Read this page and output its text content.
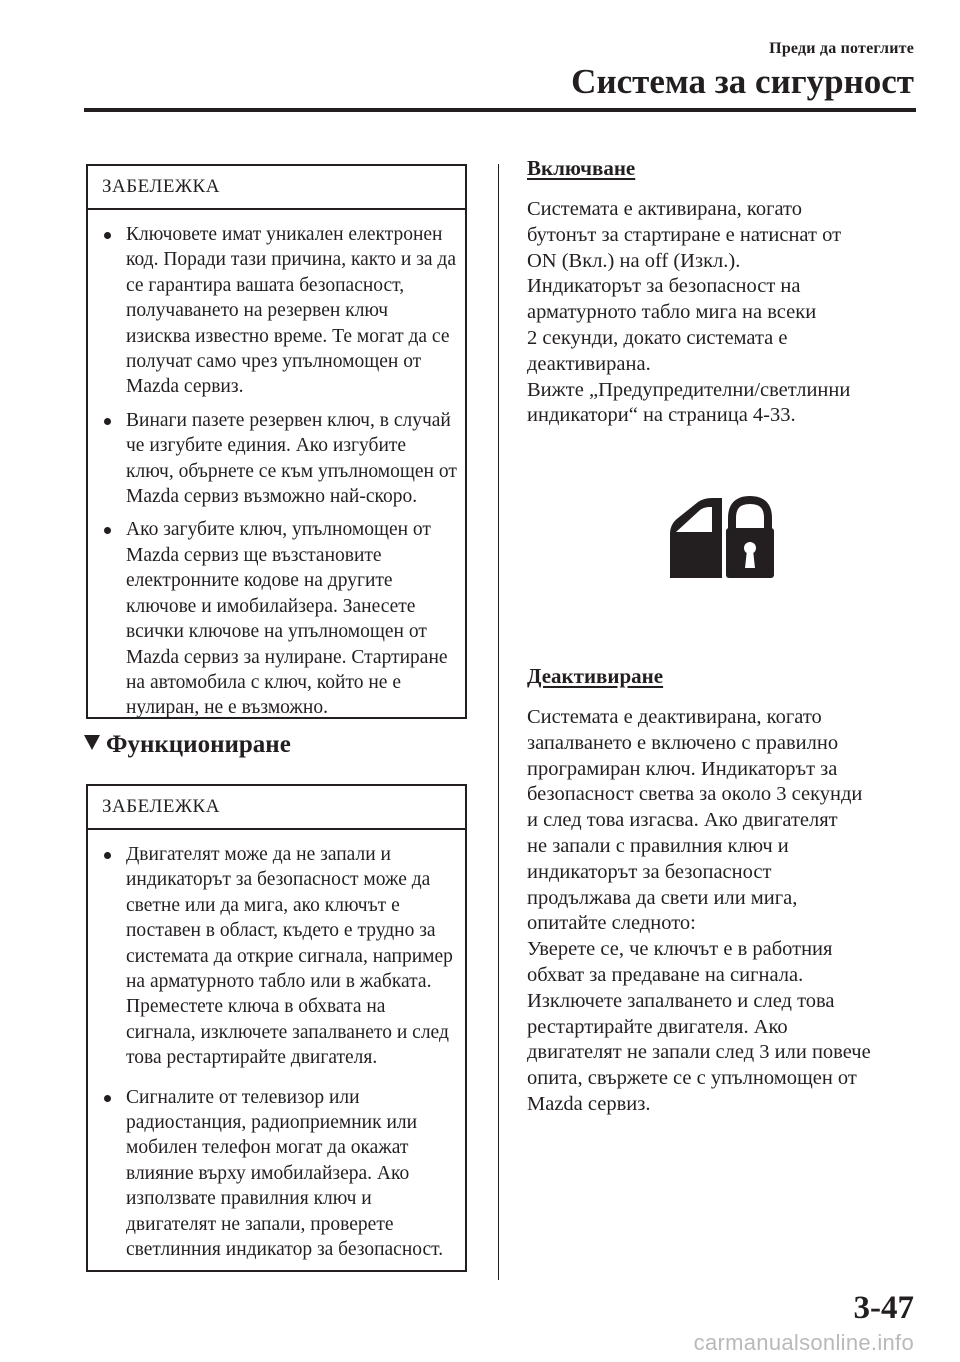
Преди да потеглите
Система за сигурност
ЗАБЕЛЕЖКА
Ключовете имат уникален електронен код. Поради тази причина, както и за да се гарантира вашата безопасност, получаването на резервен ключ изисква известно време. Те могат да се получат само чрез упълномощен от Mazda сервиз.
Винаги пазете резервен ключ, в случай че изгубите единия. Ако изгубите ключ, обърнете се към упълномощен от Mazda сервиз възможно най-скоро.
Ако загубите ключ, упълномощен от Mazda сервиз ще възстановите електронните кодове на другите ключове и имобилайзера. Занесете всички ключове на упълномощен от Mazda сервиз за нулиране. Стартиране на автомобила с ключ, който не е нулиран, не е възможно.
Функциониране
ЗАБЕЛЕЖКА
Двигателят може да не запали и индикаторът за безопасност може да светне или да мига, ако ключът е поставен в област, където е трудно за системата да открие сигнала, например на арматурното табло или в жабката. Преместете ключа в обхвата на сигнала, изключете запалването и след това рестартирайте двигателя.
Сигналите от телевизор или радиостанция, радиоприемник или мобилен телефон могат да окажат влияние върху имобилайзера. Ако използвате правилния ключ и двигателят не запали, проверете светлинния индикатор за безопасност.
Включване

Системата е активирана, когато
бутонът за стартиране е натиснат от
ON (Вкл.) на off (Изкл.).
Индикаторът за безопасност на
арматурното табло мига на всеки
2 секунди, докато системата е
деактивирана.
Вижте „Предупредителни/светлинни
индикатори“ на страница 4-33.

Деактивиране

Системата е деактивирана, когато
запалването е включено с правилно
програмиран ключ. Индикаторът за
безопасност светва за около 3 секунди
и след това изгасва. Ако двигателят
не запали с правилния ключ и
индикаторът за безопасност
продължава да свети или мига,
опитайте следното:
Уверете се, че ключът е в работния
обхват за предаване на сигнала.
Изключете запалването и след това
рестартирайте двигателя. Ако
двигателят не запали след 3 или повече
опита, свържете се с упълномощен от
Mazda сервиз.

3-47
carmanualsonline.info
